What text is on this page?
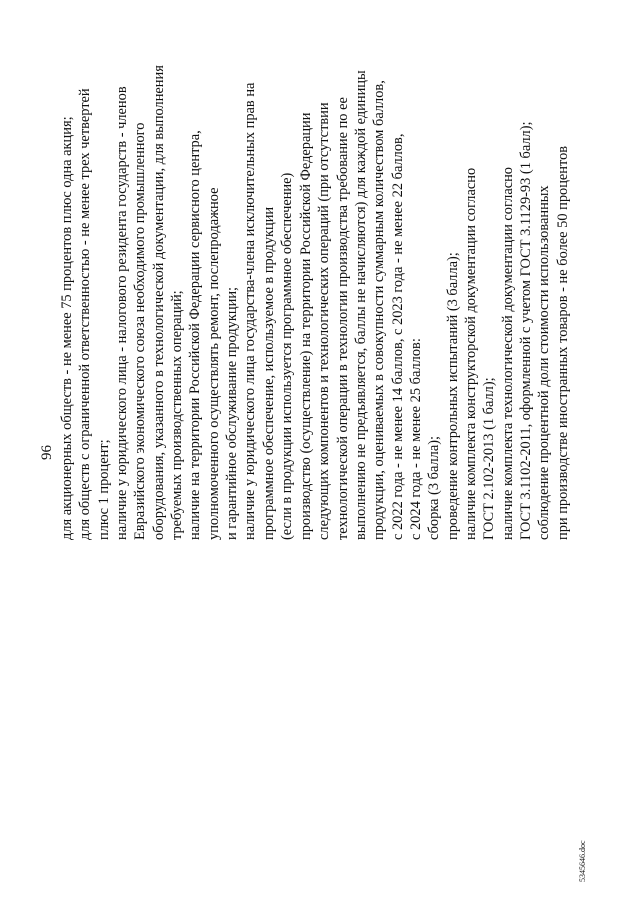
96 для акционерных обществ - не менее 75 процентов плюс одна акция; для обществ с ограниченной ответственностью - не менее трех четвертей плюс 1 процент; наличие у юридического лица - налогового резидента государств - членов Евразийского экономического союза необходимого промышленного оборудования, указанного в технологической документации, для выполнения требуемых производственных операций; наличие на территории Российской Федерации сервисного центра, уполномоченного осуществлять ремонт, послепродажное и гарантийное обслуживание продукции; наличие у юридического лица государства-члена исключительных прав на программное обеспечение, используемое в продукции (если в продукции используется программное обеспечение) производство (осуществление) на территории Российской Федерации следующих компонентов и технологических операций (при отсутствии технологической операции в технологии производства требование по ее выполнению не предъявляется, баллы не начисляются) для каждой единицы продукции, оцениваемых в совокупности суммарным количеством баллов, с 2022 года - не менее 14 баллов, с 2023 года - не менее 22 баллов, с 2024 года - не менее 25 баллов: сборка (3 балла); проведение контрольных испытаний (3 балла); наличие комплекта конструкторской документации согласно ГОСТ 2.102-2013 (1 балл); наличие комплекта технологической документации согласно ГОСТ 3.1102-2011, оформленной с учетом ГОСТ 3.1129-93 (1 балл); соблюдение процентной доли стоимости использованных при производстве иностранных товаров - не более 50 процентов
5345646.doc
